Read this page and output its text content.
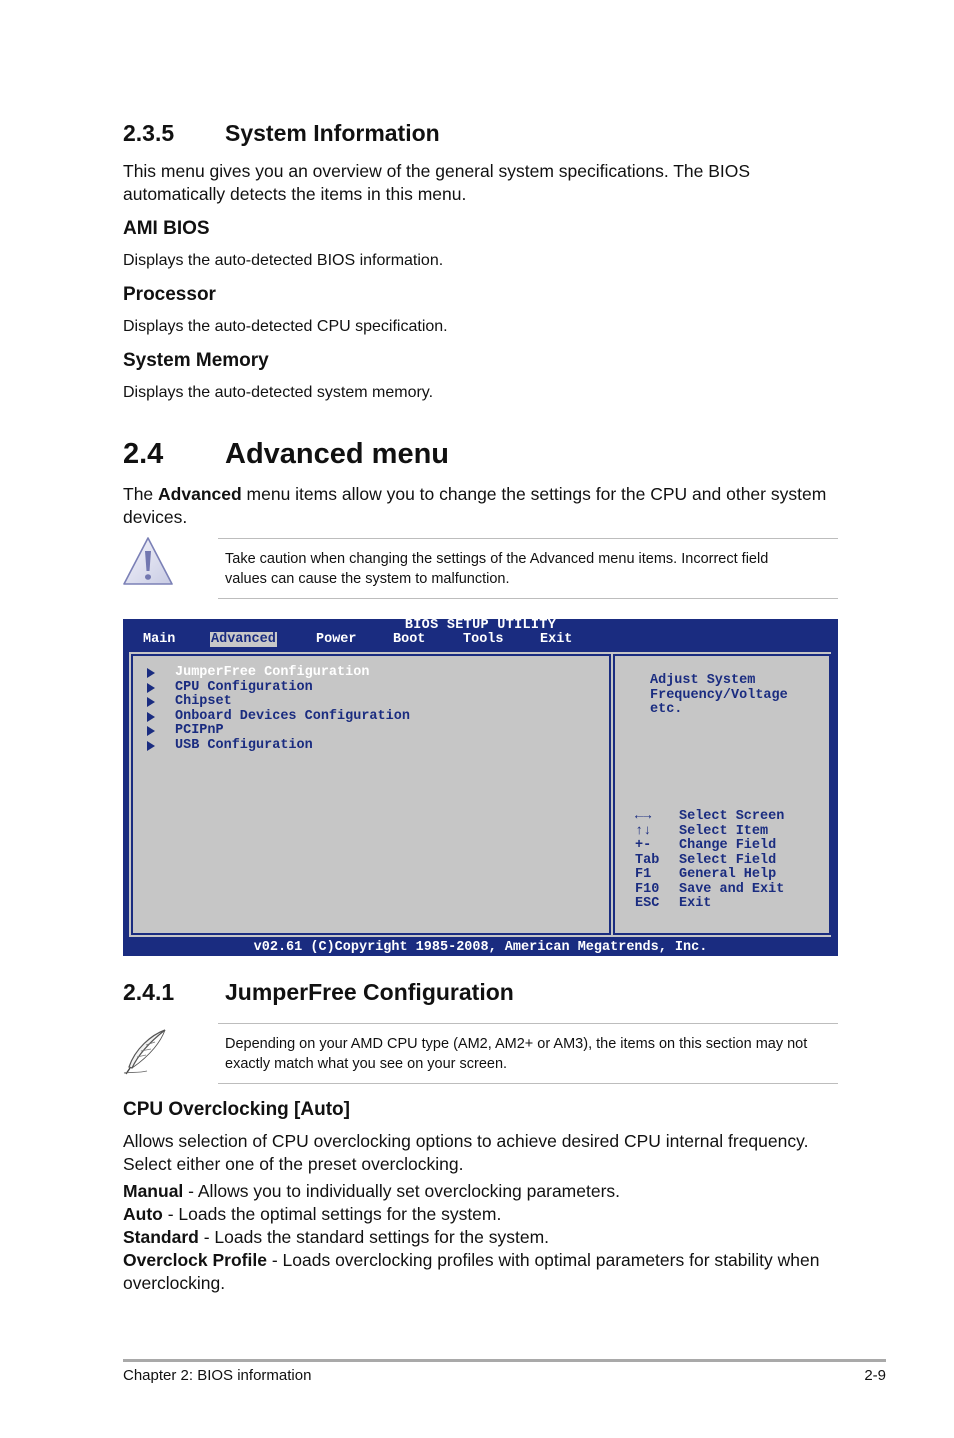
2.3.5 System Information
This menu gives you an overview of the general system specifications. The BIOS
automatically detects the items in this menu.
AMI BIOS
Displays the auto-detected BIOS information.
Processor
Displays the auto-detected CPU specification.
System Memory
Displays the auto-detected system memory.
2.4 Advanced menu
The Advanced menu items allow you to change the settings for the CPU and other system
devices.
Take caution when changing the settings of the Advanced menu items. Incorrect field
values can cause the system to malfunction.
BIOS SETUP UTILITY
Main	Advanced	Power	Boot	Tools	Exit
JumperFree Configuration
CPU Configuration
Chipset
Onboard Devices Configuration
PCIPnP
USB Configuration
Adjust System
Frequency/Voltage
etc.
←→ Select Screen
↑↓ Select Item
+- Change Field
Tab Select Field
F1 General Help
F10 Save and Exit
ESC Exit
v02.61 (C)Copyright 1985-2008, American Megatrends, Inc.
2.4.1 JumperFree Configuration
Depending on your AMD CPU type (AM2, AM2+ or AM3), the items on this section may not
exactly match what you see on your screen.
CPU Overclocking [Auto]
Allows selection of CPU overclocking options to achieve desired CPU internal frequency.
Select either one of the preset overclocking.
Manual - Allows you to individually set overclocking parameters.
Auto - Loads the optimal settings for the system.
Standard - Loads the standard settings for the system.
Overclock Profile - Loads overclocking profiles with optimal parameters for stability when
overclocking.
Chapter 2: BIOS information	2-9
